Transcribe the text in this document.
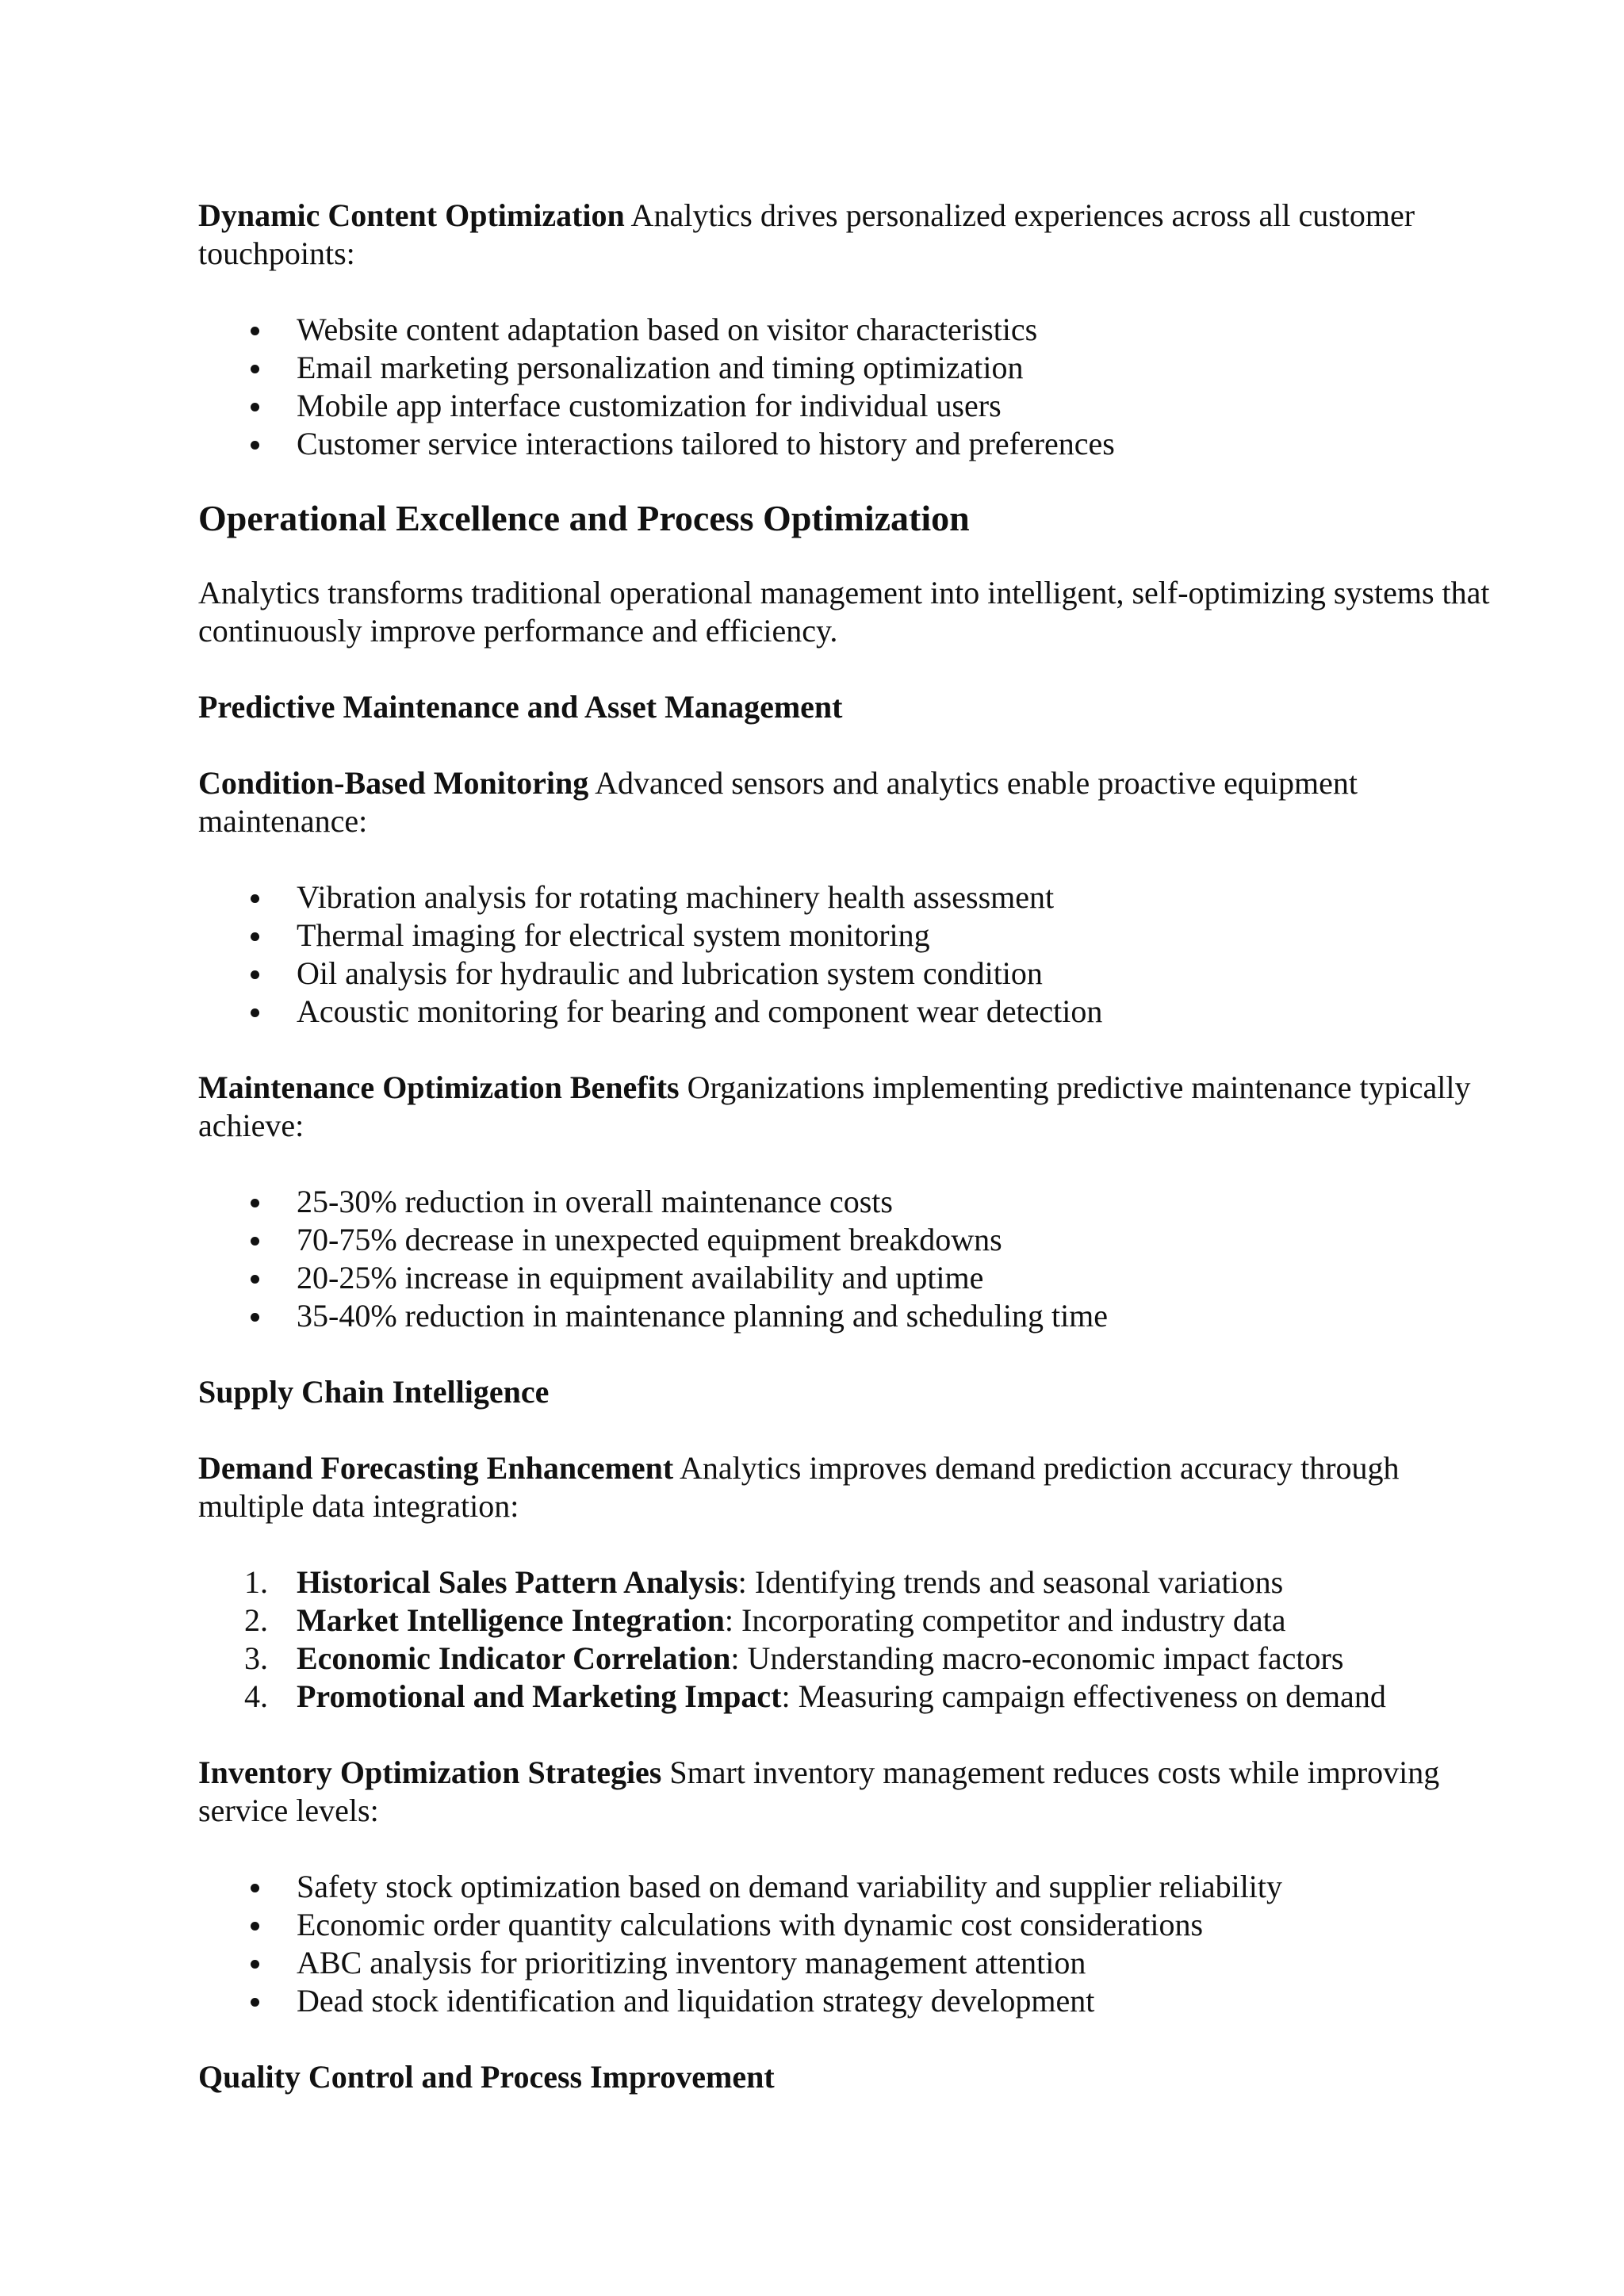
Dynamic Content Optimization Analytics drives personalized experiences across all customer touchpoints:

Website content adaptation based on visitor characteristics
Email marketing personalization and timing optimization
Mobile app interface customization for individual users
Customer service interactions tailored to history and preferences
Operational Excellence and Process Optimization

Analytics transforms traditional operational management into intelligent, self-optimizing systems that continuously improve performance and efficiency.

Predictive Maintenance and Asset Management

Condition-Based Monitoring Advanced sensors and analytics enable proactive equipment maintenance:

Vibration analysis for rotating machinery health assessment
Thermal imaging for electrical system monitoring
Oil analysis for hydraulic and lubrication system condition
Acoustic monitoring for bearing and component wear detection

Maintenance Optimization Benefits Organizations implementing predictive maintenance typically achieve:

25-30% reduction in overall maintenance costs
70-75% decrease in unexpected equipment breakdowns
20-25% increase in equipment availability and uptime
35-40% reduction in maintenance planning and scheduling time
Supply Chain Intelligence

Demand Forecasting Enhancement Analytics improves demand prediction accuracy through multiple data integration:

1. Historical Sales Pattern Analysis: Identifying trends and seasonal variations
2. Market Intelligence Integration: Incorporating competitor and industry data
3. Economic Indicator Correlation: Understanding macro-economic impact factors
4. Promotional and Marketing Impact: Measuring campaign effectiveness on demand

Inventory Optimization Strategies Smart inventory management reduces costs while improving service levels:

Safety stock optimization based on demand variability and supplier reliability
Economic order quantity calculations with dynamic cost considerations
ABC analysis for prioritizing inventory management attention
Dead stock identification and liquidation strategy development
Quality Control and Process Improvement
